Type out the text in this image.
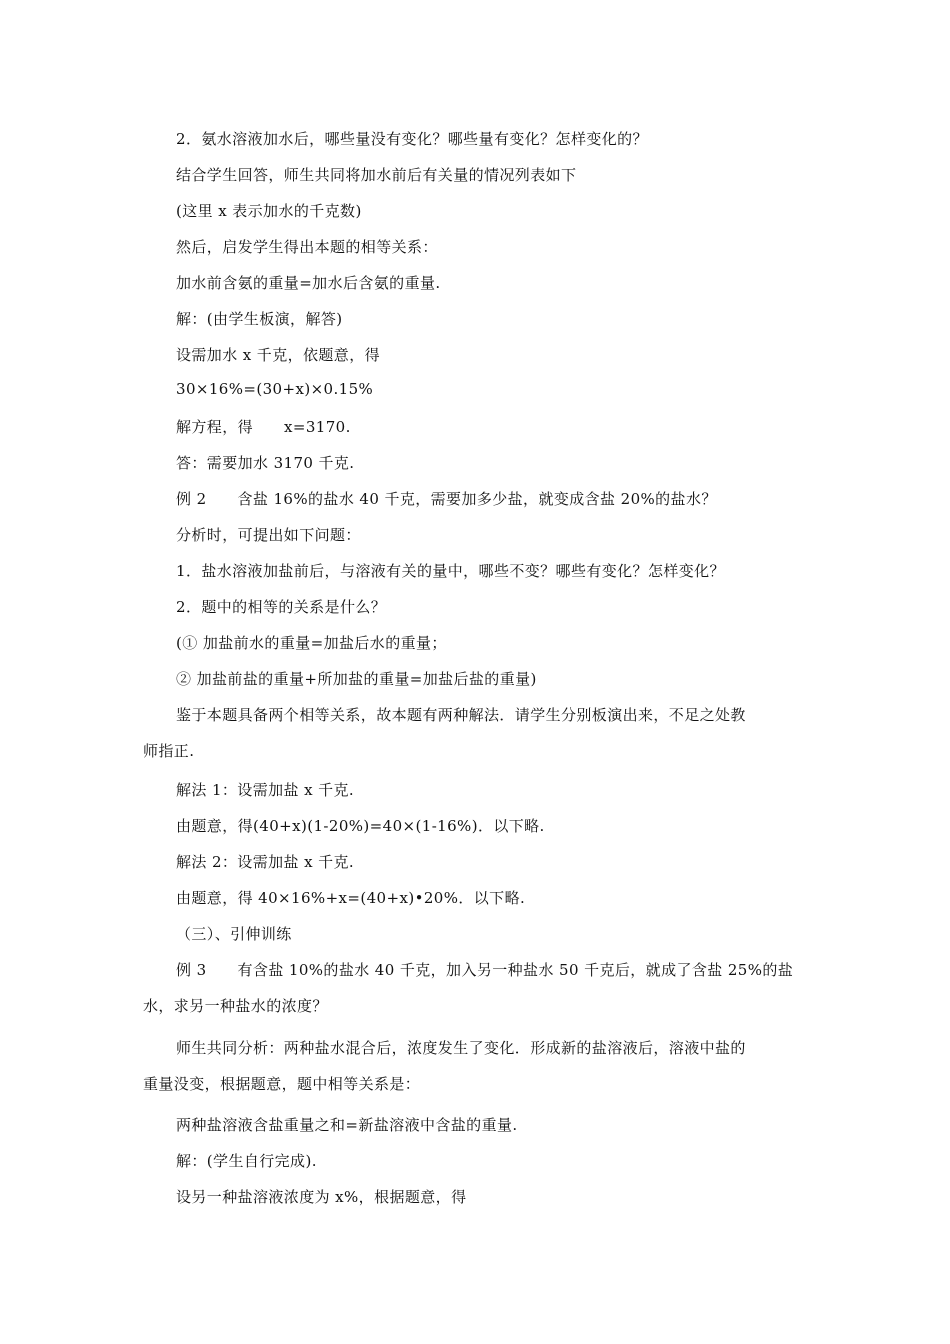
2．氨水溶液加水后，哪些量没有变化？哪些量有变化？怎样变化的？
结合学生回答，师生共同将加水前后有关量的情况列表如下
(这里 x 表示加水的千克数)
然后，启发学生得出本题的相等关系：
加水前含氨的重量=加水后含氨的重量.
解：(由学生板演，解答)
设需加水 x 千克，依题意，得
30×16%=(30+x)×0.15%
解方程，得      x=3170.
答：需要加水 3170 千克.
例 2      含盐 16%的盐水 40 千克，需要加多少盐，就变成含盐 20%的盐水？
分析时，可提出如下问题：
1．盐水溶液加盐前后，与溶液有关的量中，哪些不变？哪些有变化？怎样变化？
2．题中的相等的关系是什么？
(① 加盐前水的重量=加盐后水的重量；
② 加盐前盐的重量+所加盐的重量=加盐后盐的重量)
鉴于本题具备两个相等关系，故本题有两种解法．请学生分别板演出来，不足之处教
师指正.
解法 1：设需加盐 x 千克.
由题意，得(40+x)(1-20%)=40×(1-16%)．以下略.
解法 2：设需加盐 x 千克.
由题意，得 40×16%+x=(40+x)•20%．以下略.
（三）、引伸训练
例 3      有含盐 10%的盐水 40 千克，加入另一种盐水 50 千克后，就成了含盐 25%的盐
水，求另一种盐水的浓度？
师生共同分析：两种盐水混合后，浓度发生了变化．形成新的盐溶液后，溶液中盐的
重量没变，根据题意，题中相等关系是：
两种盐溶液含盐重量之和=新盐溶液中含盐的重量.
解：(学生自行完成).
设另一种盐溶液浓度为 x%，根据题意，得
